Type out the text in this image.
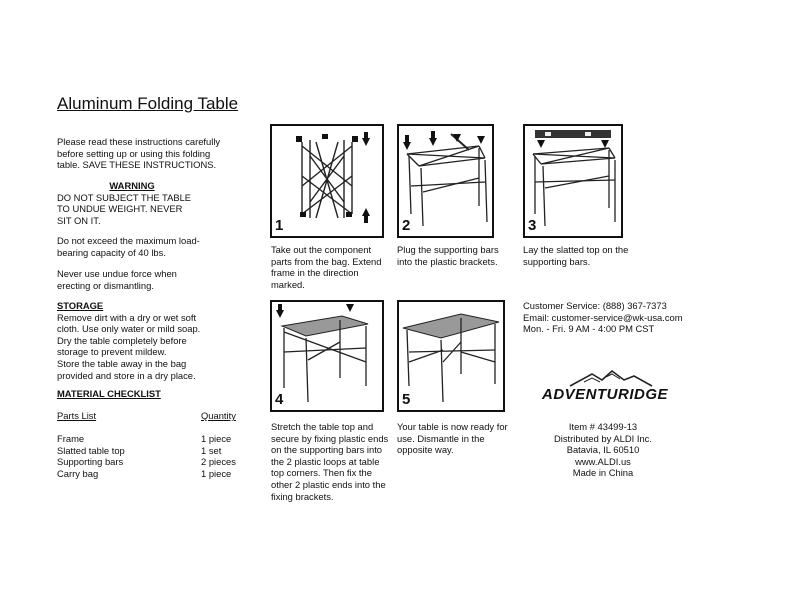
Aluminum Folding Table
Please read these instructions carefully
before setting up or using this folding
table. SAVE THESE INSTRUCTIONS.
WARNING
DO NOT SUBJECT THE TABLE
TO UNDUE WEIGHT. NEVER
SIT ON IT.
Do not exceed the maximum load-
bearing capacity of 40 lbs.
Never use undue force when
erecting or dismantling.
STORAGE
Remove dirt with a dry or wet soft
cloth. Use only water or mild soap.
Dry the table completely before
storage to prevent mildew.
Store the table away in the bag
provided and store in a dry place.
MATERIAL CHECKLIST
Parts List	Quantity
Frame	1 piece
Slatted table top	1 set
Supporting bars	2 pieces
Carry bag	1 piece
1	2	3
4	5
Take out the component
parts from the bag. Extend
frame in the direction
marked.
Plug the supporting bars
into the plastic brackets.
Lay the slatted top on the
supporting bars.
Stretch the table top and
secure by fixing plastic ends
on the supporting bars into
the 2 plastic loops at table
top corners. Then fix the
other 2 plastic ends into the
fixing brackets.
Your table is now ready for
use. Dismantle in the
opposite way.
Customer Service: (888) 367-7373
Email: customer-service@wk-usa.com
Mon. - Fri. 9 AM - 4:00 PM CST
ADVENTURIDGE
Item # 43499-13
Distributed by ALDI Inc.
Batavia, IL 60510
www.ALDI.us
Made in China
